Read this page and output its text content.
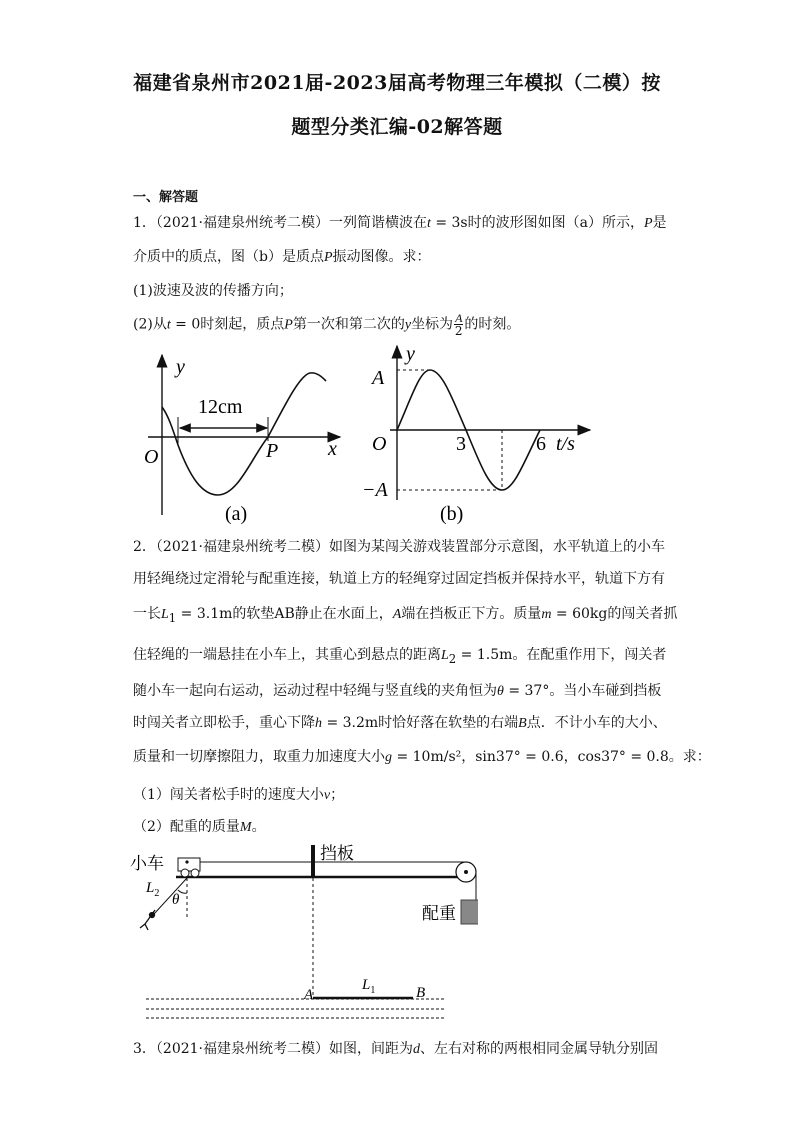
福建省泉州市2021届-2023届高考物理三年模拟（二模）按
题型分类汇编-02解答题
一、解答题
1．（2021·福建泉州统考二模）一列简谐横波在t = 3s时的波形图如图（a）所示，P是
介质中的质点，图（b）是质点P振动图像。求：
(1)波速及波的传播方向；
(2)从t = 0时刻起，质点P第一次和第二次的y坐标为 $\frac{A}{2}$ 的时刻。
y
x
O	P
12cm
(a)
y
A
−A
O	3	6 t/s
(b)
2．（2021·福建泉州统考二模）如图为某闯关游戏装置部分示意图，水平轨道上的小车
用轻绳绕过定滑轮与配重连接，轨道上方的轻绳穿过固定挡板并保持水平，轨道下方有
一长$L_1 = 3.1m$的软垫AB静止在水面上，A端在挡板正下方。质量m = 60kg的闯关者抓
住轻绳的一端悬挂在小车上，其重心到悬点的距离$L_2 = 1.5m$。在配重作用下，闯关者
随小车一起向右运动，运动过程中轻绳与竖直线的夹角恒为θ = 37°。当小车碰到挡板
时闯关者立即松手，重心下降h = 3.2m时恰好落在软垫的右端B点．不计小车的大小、
质量和一切摩擦阻力，取重力加速度大小g = 10m/s²，sin37° = 0.6，cos37° = 0.8。求：
（1）闯关者松手时的速度大小v；
（2）配重的质量M。
小车
挡板
配重
$L_2$ θ
A	B
$L_1$
3．（2021·福建泉州统考二模）如图，间距为d、左右对称的两根相同金属导轨分别固
